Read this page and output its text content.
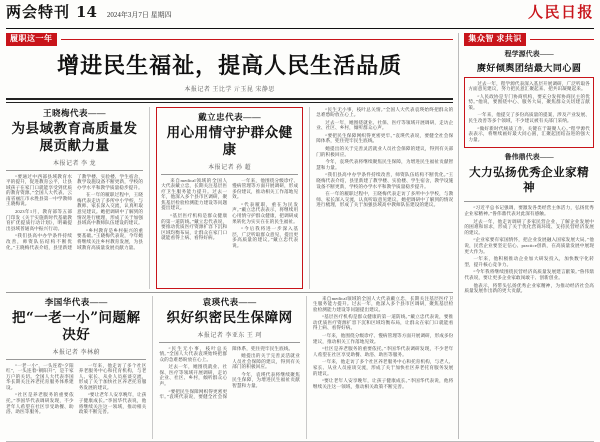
两会特刊 14	2024年3月7日 星期四	人民日报
履职这一年
增进民生福祉，提高人民生活品质
本报记者 王比学 亓玉昆 宋静思
王晓梅代表——
为县域教育高质量发展贡献力量
本报记者 李 龙

“要通过中西部县域教育水平的提升，促进教育公平，让县域孩子在家门口就能享受到优质的教育资源。”全国人大代表、云南省丽江市永胜县第一中学教师王晓梅说。

2023年1月，教育部等五部门印发《关于实施新时代基础教育扩优提质行动计划》，明确提出县域普通高中振兴行动。

“我们县高中办学条件持续改善，师资队伍结构不断优化。”王晓梅代表介绍，县里新建了教学楼、实验楼、学生宿舍，教学设施设备不断更新，学校的办学水平和教学质量稳步提升。

在一年的履职过程中，王晓梅代表走访了多所中小学校，与教师、家长深入交流，认真听取意见建议。她把调研中了解到的情况进行梳理，形成了关于加强县域高中教师队伍建设的建议。

“乡村教育是乡村振兴的重要基础。”王晓梅代表说，今年她将继续关注乡村教育发展，为县域教育高质量发展贡献力量。

戴立忠代表——
用心用情守护群众健康
本报记者 孙 超

来自medical领域的全国人大代表戴立忠，长期关注基层医疗卫生服务能力提升。过去一年，他深入多个县市区调研，聚焦基层检验检测能力建设等问题提出建议。

“基层医疗机构是群众健康的第一道防线。”戴立忠代表说，要推动优质医疗资源扩容下沉和区域均衡布局，让群众在家门口就能看得上病、看得好病。

一年来，他围绕分级诊疗、慢病管理等方面开展调研，形成多份建议，推动相关工作落地见效。

“代表履职，重在为民发声。”戴立忠代表表示，将继续用心用情守护群众健康，把调研成果转化为实实在在的民生福祉。

“今后我将进一步深入基层，广泛听取群众意见，提出更多高质量的建议。”戴立忠代表说。

“民生无小事，枝叶总关情。”全国人大代表袁瑛始终把群众的急难愁盼放在心上。

过去一年，她围绕就业、社保、医疗等领域开展调研，走访企业、社区、乡村，倾听群众心声。

“要把民生保障网织得更密更牢。”袁瑛代表说，要健全社会保障体系，兜住兜牢民生底线。

她提出的关于完善灵活就业人员社会保障的建议，得到有关部门的积极回应。

今年，袁瑛代表将继续聚焦民生保障，为增进民生福祉贡献智慧和力量。

“我们县高中办学条件持续改善，师资队伍结构不断优化。”王晓梅代表介绍，县里新建了教学楼、实验楼、学生宿舍，教学设施设备不断更新，学校的办学水平和教学质量稳步提升。

在一年的履职过程中，王晓梅代表走访了多所中小学校，与教师、家长深入交流，认真听取意见建议。她把调研中了解到的情况进行梳理，形成了关于加强县域高中教师队伍建设的建议。

李国华代表——
把“一老一小”问题解决好
本报记者 李林蔚

“一老一小”，一头连着“夕阳红”，一头连着“朝阳升”，是千家万户的关切。全国人大代表李国华长期关注养老托育服务体系建设。

“社区是养老服务的重要依托。”李国华代表调研发现，不少老年人希望在社区享受助餐、助浴、助医等服务。

一年来，他走访了多个社区养老服务中心和托育机构，与老人、家长、从业人员座谈交流，形成了关于加快社区养老托育服务发展的建议。

“要让老年人安享晚年，让孩子健康成长。”李国华代表说，他将继续关注这一领域，推动相关政策不断完善。

袁瑛代表——
织好织密民生保障网
本报记者 李亚东 王 珂

“民生无小事，枝叶总关情。”全国人大代表袁瑛始终把群众的急难愁盼放在心上。

过去一年，她围绕就业、社保、医疗等领域开展调研，走访企业、社区、乡村，倾听群众心声。

“要把民生保障网织得更密更牢。”袁瑛代表说，要健全社会保障体系，兜住兜牢民生底线。

她提出的关于完善灵活就业人员社会保障的建议，得到有关部门的积极回应。

今年，袁瑛代表将继续聚焦民生保障，为增进民生福祉贡献智慧和力量。

来自medical领域的全国人大代表戴立忠，长期关注基层医疗卫生服务能力提升。过去一年，他深入多个县市区调研，聚焦基层检验检测能力建设等问题提出建议。

“基层医疗机构是群众健康的第一道防线。”戴立忠代表说，要推动优质医疗资源扩容下沉和区域均衡布局，让群众在家门口就能看得上病、看得好病。

一年来，他围绕分级诊疗、慢病管理等方面开展调研，形成多份建议，推动相关工作落地见效。

“社区是养老服务的重要依托。”李国华代表调研发现，不少老年人希望在社区享受助餐、助浴、助医等服务。

一年来，他走访了多个社区养老服务中心和托育机构，与老人、家长、从业人员座谈交流，形成了关于加快社区养老托育服务发展的建议。

“要让老年人安享晚年，让孩子健康成长。”李国华代表说，他将继续关注这一领域，推动相关政策不断完善。

集众智 求共识
程学源代表——
赓好倾舆团结最大同心圆

过去一年，程学源代表深入基层开展调研，广泛听取各方面意见建议，努力把民意汇聚起来、把共识凝聚起来。

“人民政协是专门协商机构，要充分发挥协商民主的优势。”他说，要围绕中心、服务大局，聚焦群众关切建言献策。

一年来，他提交了多份高质量的提案，涉及产业发展、民生改善等多个领域，不少建议被有关部门采纳。

“做好新时代统战工作，关键在于凝聚人心。”程学源代表表示，将继续画好最大同心圆，汇聚起团结奋进的强大力量。

鲁伟鼎代表——
大力弘扬优秀企业家精神

“习近平总书记强调，要激发各类经营主体活力，弘扬优秀企业家精神。”鲁伟鼎代表对此深有感触。

过去一年，他走访调研了多家民营企业，了解企业发展中的困难和诉求，形成了关于优化营商环境、支持民营经济发展的建议。

“企业家要有家国情怀，把企业发展融入国家发展大局。”他说，民营企业要坚定信心、practice创新，在高质量发展中展现更大作为。

一年来，他积极推动企业加大研发投入，加快数字化转型，提升核心竞争力。

“今年我将继续围绕民营经济高质量发展建言献策。”鲁伟鼎代表说，要让更多企业家敢闯敢干、创新创业。

他表示，将带头弘扬优秀企业家精神，为推动经济社会高质量发展作出新的更大贡献。
